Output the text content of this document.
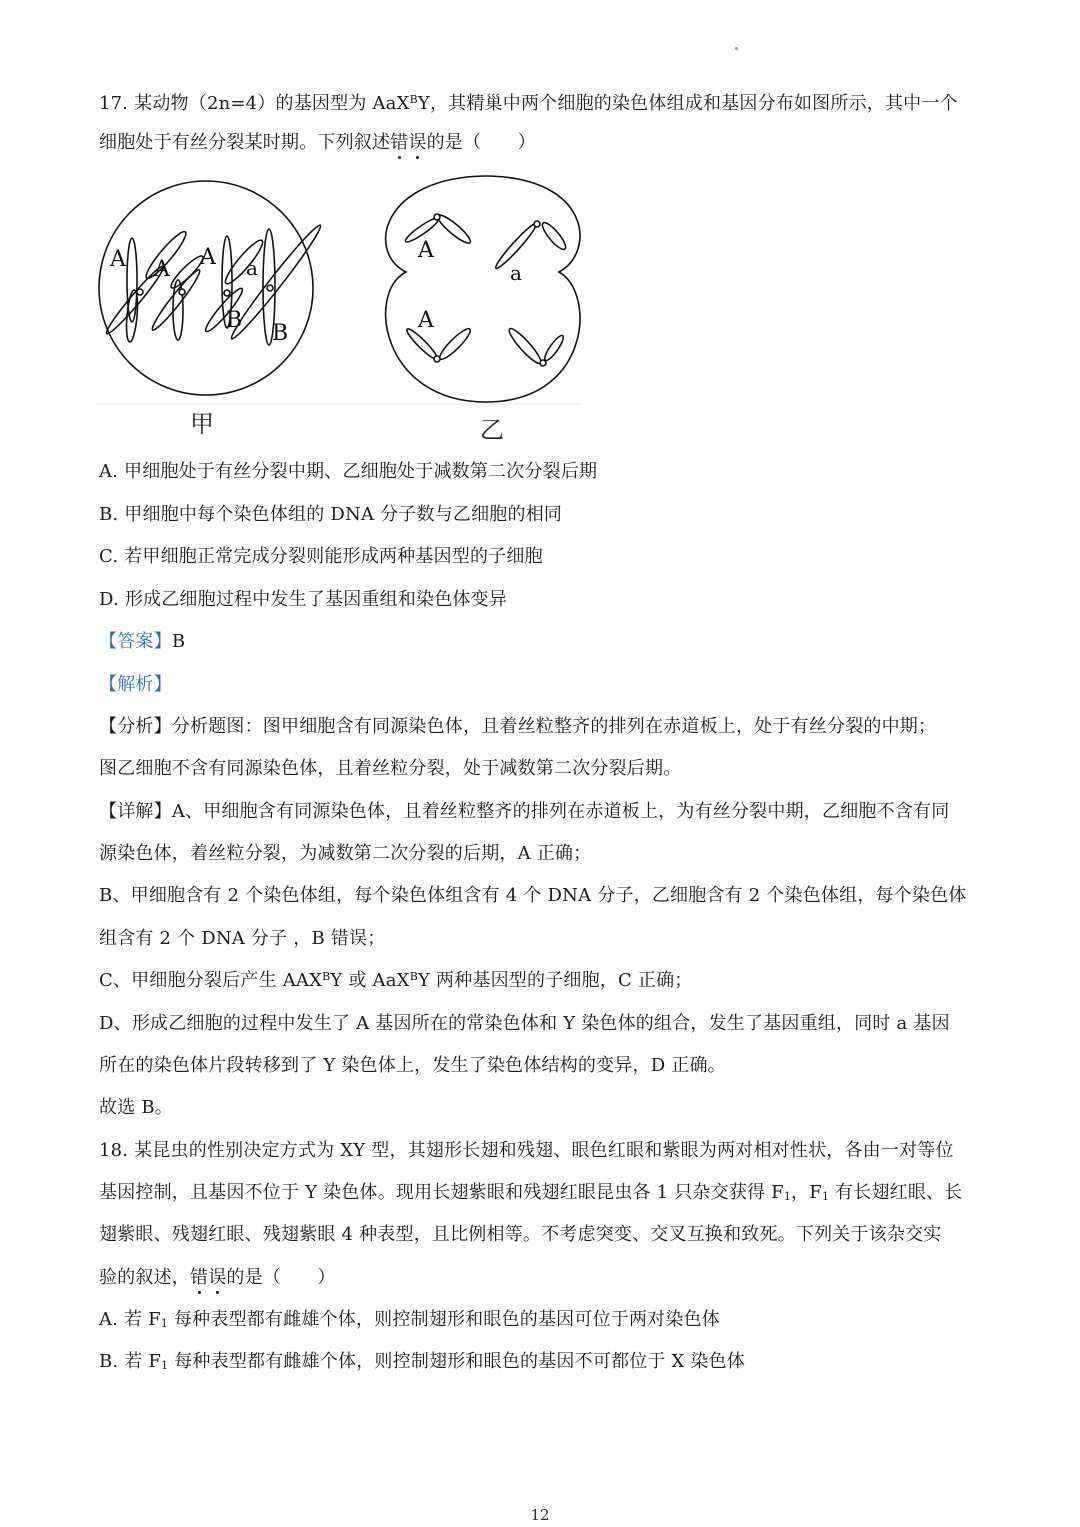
17. 某动物（2n=4）的基因型为 AaX$^B$Y，其精巢中两个细胞的染色体组成和基因分布如图所示，其中一个
细胞处于有丝分裂某时期。下列叙述错误的是（　　）
A A A a
B
B
A
a
A
甲	乙
A. 甲细胞处于有丝分裂中期、乙细胞处于减数第二次分裂后期
B. 甲细胞中每个染色体组的 DNA 分子数与乙细胞的相同
C. 若甲细胞正常完成分裂则能形成两种基因型的子细胞
D. 形成乙细胞过程中发生了基因重组和染色体变异
【答案】B
【解析】
【分析】分析题图：图甲细胞含有同源染色体，且着丝粒整齐的排列在赤道板上，处于有丝分裂的中期；
图乙细胞不含有同源染色体，且着丝粒分裂，处于减数第二次分裂后期。
【详解】A、甲细胞含有同源染色体，且着丝粒整齐的排列在赤道板上，为有丝分裂中期，乙细胞不含有同
源染色体，着丝粒分裂，为减数第二次分裂的后期，A 正确；
B、甲细胞含有 2 个染色体组，每个染色体组含有 4 个 DNA 分子，乙细胞含有 2 个染色体组，每个染色体
组含有 2 个 DNA 分子 ，B 错误；
C、甲细胞分裂后产生 $AAX^BY$ 或 AaX$^B$Y 两种基因型的子细胞，C 正确；
D、形成乙细胞的过程中发生了 A 基因所在的常染色体和 Y 染色体的组合，发生了基因重组，同时 a 基因
所在的染色体片段转移到了 Y 染色体上，发生了染色体结构的变异，D 正确。
故选 B。
18. 某昆虫的性别决定方式为 XY 型，其翅形长翅和残翅、眼色红眼和紫眼为两对相对性状，各由一对等位
基因控制，且基因不位于 Y 染色体。现用长翅紫眼和残翅红眼昆虫各 1 只杂交获得 $F_1$，$F_1$ 有长翅红眼、长
翅紫眼、残翅红眼、残翅紫眼 4 种表型，且比例相等。不考虑突变、交叉互换和致死。下列关于该杂交实
验的叙述，错误的是（　　）
A. 若 $F_1$ 每种表型都有雌雄个体，则控制翅形和眼色的基因可位于两对染色体
B. 若 $F_1$ 每种表型都有雌雄个体，则控制翅形和眼色的基因不可都位于 X 染色体
12
